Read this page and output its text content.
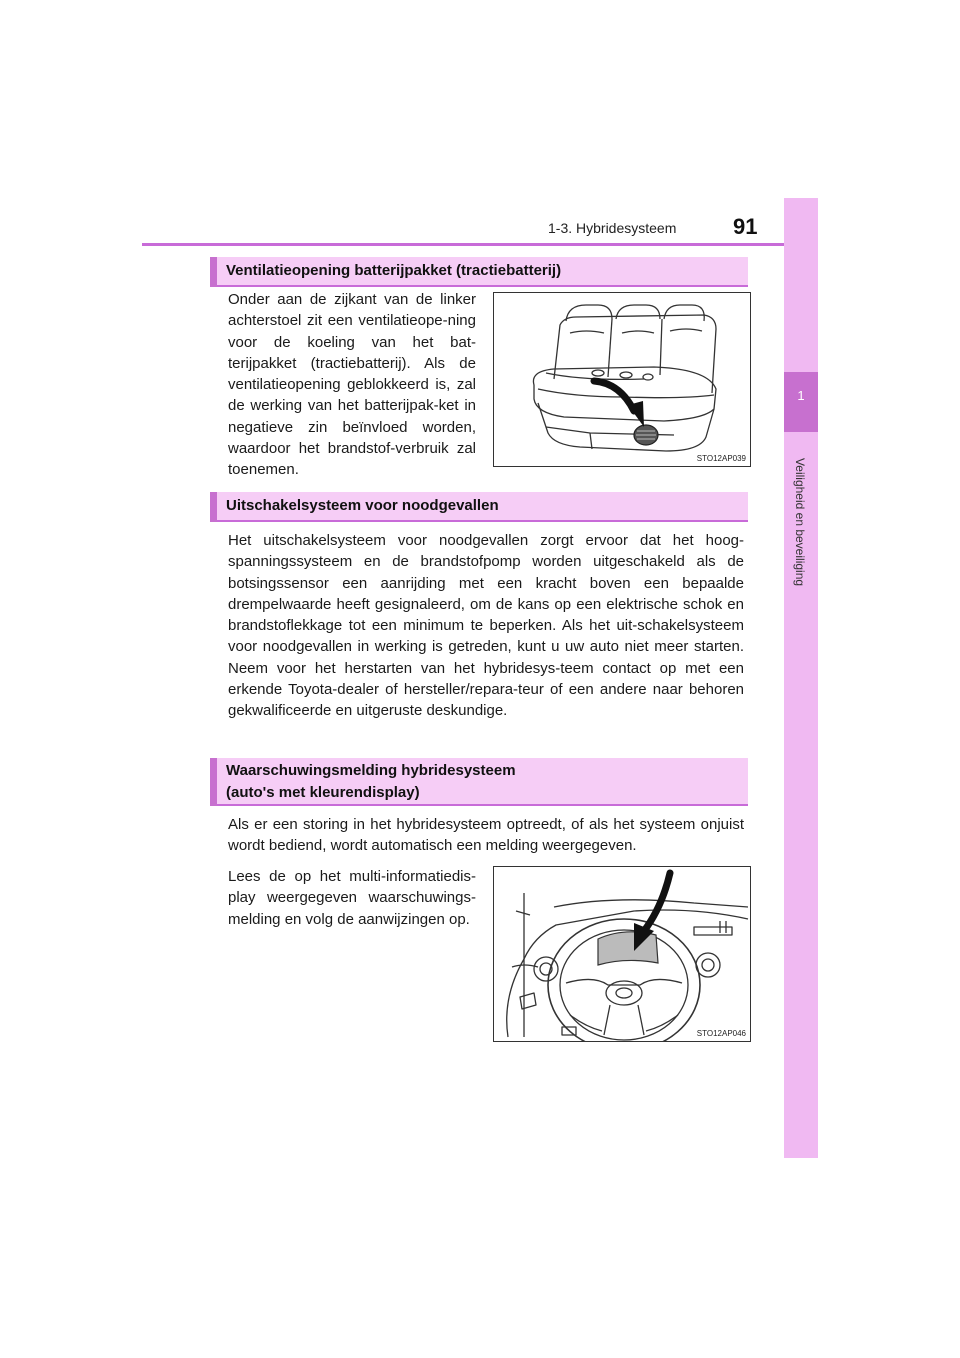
1-3. Hybridesysteem	91
1
Veiligheid en beveiliging
Ventilatieopening batterijpakket (tractiebatterij)
Onder aan de zijkant van de linker achterstoel zit een ventilatieope-ning voor de koeling van het bat-terijpakket (tractiebatterij). Als de ventilatieopening geblokkeerd is, zal de werking van het batterijpak-ket in negatieve zin beïnvloed worden, waardoor het brandstof-verbruik zal toenemen.
STO12AP039
Uitschakelsysteem voor noodgevallen
Het uitschakelsysteem voor noodgevallen zorgt ervoor dat het hoog-spanningssysteem en de brandstofpomp worden uitgeschakeld als de botsingssensor een aanrijding met een kracht boven een bepaalde drempelwaarde heeft gesignaleerd, om de kans op een elektrische schok en brandstoflekkage tot een minimum te beperken. Als het uit-schakelsysteem voor noodgevallen in werking is getreden, kunt u uw auto niet meer starten. Neem voor het herstarten van het hybridesys-teem contact op met een erkende Toyota-dealer of hersteller/repara-teur of een andere naar behoren gekwalificeerde en uitgeruste deskundige.
Waarschuwingsmelding hybridesysteem
(auto's met kleurendisplay)
Als er een storing in het hybridesysteem optreedt, of als het systeem onjuist wordt bediend, wordt automatisch een melding weergegeven.
Lees de op het multi-informatiedis-play weergegeven waarschuwings-melding en volg de aanwijzingen op.
STO12AP046
